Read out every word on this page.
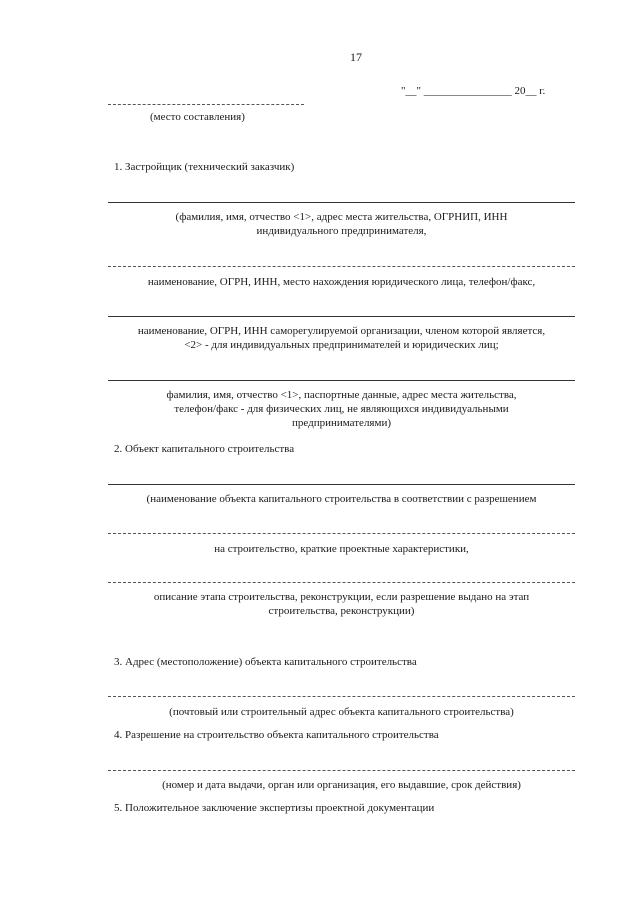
17
"__" ________________ 20__ г.
(место составления)
1. Застройщик (технический заказчик)
(фамилия, имя, отчество <1>, адрес места жительства, ОГРНИП, ИНН
индивидуального предпринимателя,
наименование, ОГРН, ИНН, место нахождения юридического лица, телефон/факс,
наименование, ОГРН, ИНН саморегулируемой организации, членом которой является,
<2> - для индивидуальных предпринимателей и юридических лиц;
фамилия, имя, отчество <1>, паспортные данные, адрес места жительства,
телефон/факс - для физических лиц, не являющихся индивидуальными
предпринимателями)
2. Объект капитального строительства
(наименование объекта капитального строительства в соответствии с разрешением
на строительство, краткие проектные характеристики,
описание этапа строительства, реконструкции, если разрешение выдано на этап
строительства, реконструкции)
3. Адрес (местоположение) объекта капитального строительства
(почтовый или строительный адрес объекта капитального строительства)
4. Разрешение на строительство объекта капитального строительства
(номер и дата выдачи, орган или организация, его выдавшие, срок действия)
5. Положительное заключение экспертизы проектной документации
